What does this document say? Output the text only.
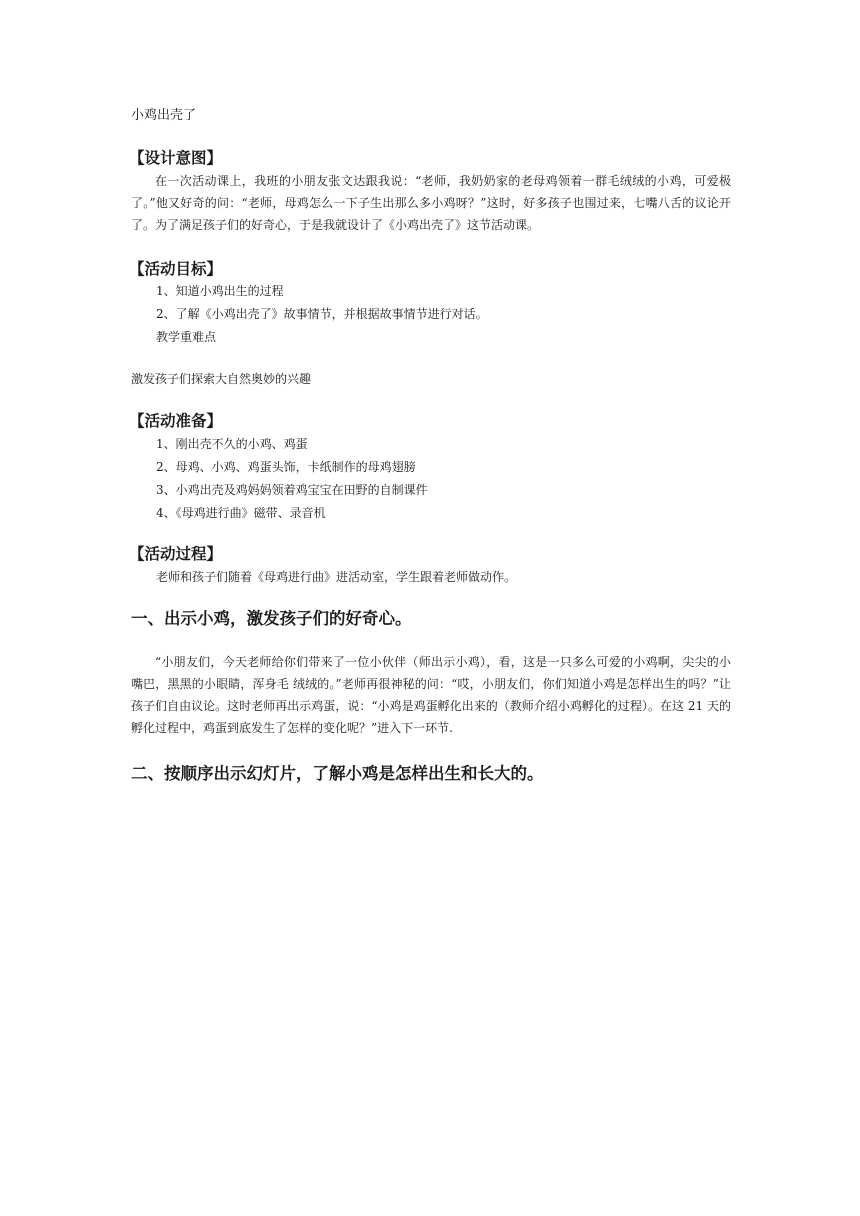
小鸡出壳了
【设计意图】
在一次活动课上，我班的小朋友张文达跟我说：“老师，我奶奶家的老母鸡领着一群毛绒绒的小鸡，可爱极了。”他又好奇的问：“老师，母鸡怎么一下子生出那么多小鸡呀？”这时，好多孩子也围过来，七嘴八舌的议论开了。为了满足孩子们的好奇心，于是我就设计了《小鸡出壳了》这节活动课。
【活动目标】
1、知道小鸡出生的过程
2、了解《小鸡出壳了》故事情节，并根据故事情节进行对话。
教学重难点
激发孩子们探索大自然奥妙的兴趣
【活动准备】
1、刚出壳不久的小鸡、鸡蛋
2、母鸡、小鸡、鸡蛋头饰，卡纸制作的母鸡翅膀
3、小鸡出壳及鸡妈妈领着鸡宝宝在田野的自制课件
4、《母鸡进行曲》磁带、录音机
【活动过程】
老师和孩子们随着《母鸡进行曲》进活动室，学生跟着老师做动作。
一、出示小鸡，激发孩子们的好奇心。
“小朋友们，今天老师给你们带来了一位小伙伴（师出示小鸡），看，这是一只多么可爱的小鸡啊，尖尖的小嘴巴，黑黑的小眼睛，浑身毛 绒绒的。”老师再很神秘的问：“哎，小朋友们，你们知道小鸡是怎样出生的吗？”让孩子们自由议论。这时老师再出示鸡蛋，说：“小鸡是鸡蛋孵化出来的（教师介绍小鸡孵化的过程）。在这 21 天的孵化过程中，鸡蛋到底发生了怎样的变化呢？”进入下一环节.
二、按顺序出示幻灯片，了解小鸡是怎样出生和长大的。
